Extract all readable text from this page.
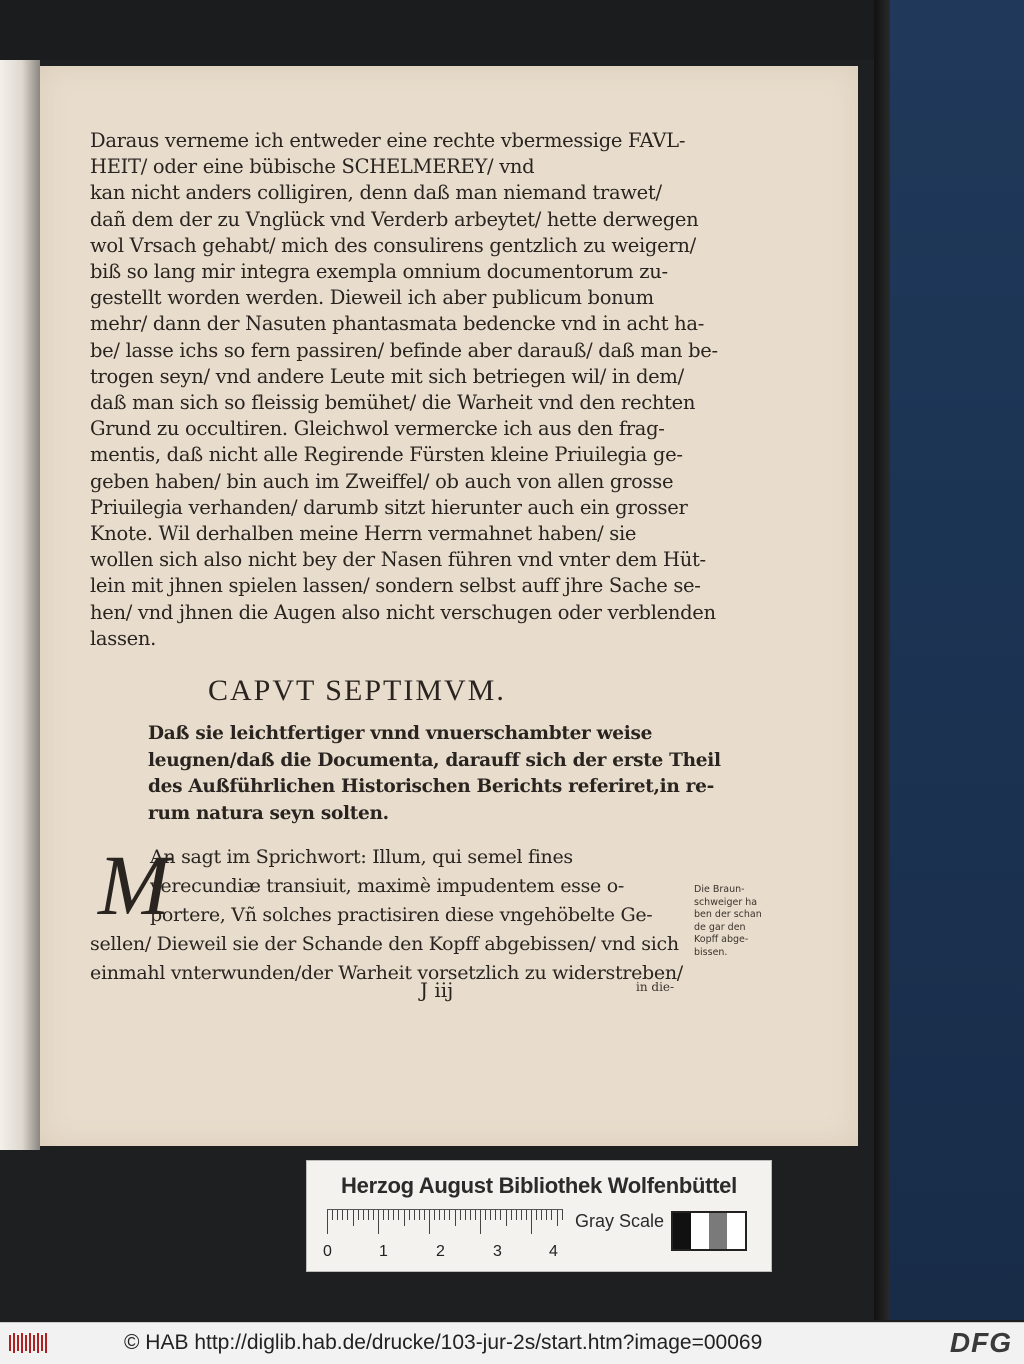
Daraus verneme ich entweder eine rechte vbermessige FAVL-
HEIT/ oder eine bübische SCHELMEREY/ vnd
kan nicht anders colligiren, denn daß man niemand trawet/
dañ dem der zu Vnglück vnd Verderb arbeytet/ hette derwegen
wol Vrsach gehabt/ mich des consulirens gentzlich zu weigern/
biß so lang mir integra exempla omnium documentorum zu-
gestellt worden werden. Dieweil ich aber publicum bonum
mehr/ dann der Nasuten phantasmata bedencke vnd in acht ha-
be/ lasse ichs so fern passiren/ befinde aber darauß/ daß man be-
trogen seyn/ vnd andere Leute mit sich betriegen wil/ in dem/
daß man sich so fleissig bemühet/ die Warheit vnd den rechten
Grund zu occultiren. Gleichwol vermercke ich aus den frag-
mentis, daß nicht alle Regirende Fürsten kleine Priuilegia ge-
geben haben/ bin auch im Zweiffel/ ob auch von allen grosse
Priuilegia verhanden/ darumb sitzt hierunter auch ein grosser
Knote. Wil derhalben meine Herrn vermahnet haben/ sie
wollen sich also nicht bey der Nasen führen vnd vnter dem Hüt-
lein mit jhnen spielen lassen/ sondern selbst auff jhre Sache se-
hen/ vnd jhnen die Augen also nicht verschugen oder verblenden
lassen.
CAPVT SEPTIMVM.
Daß sie leichtfertiger vnnd vnuerschambter weise
leugnen/daß die Documenta, darauff sich der erste Theil
des Außführlichen Historischen Berichts referiret,in re-
rum natura seyn solten.
M
An sagt im Sprichwort: Illum, qui semel fines
verecundiæ transiuit, maximè impudentem esse o-
portere, Vñ solches practisiren diese vngehöbelte Ge-
sellen/ Dieweil sie der Schande den Kopff abgebissen/ vnd sich
einmahl vnterwunden/der Warheit vorsetzlich zu widerstreben/
Die Braun-
schweiger ha
ben der schan
de gar den
Kopff abge-
bissen.
J iij	in die-
Herzog August Bibliothek Wolfenbüttel
0	1	2	3	4
Gray Scale
© HAB http://diglib.hab.de/drucke/103-jur-2s/start.htm?image=00069	DFG
